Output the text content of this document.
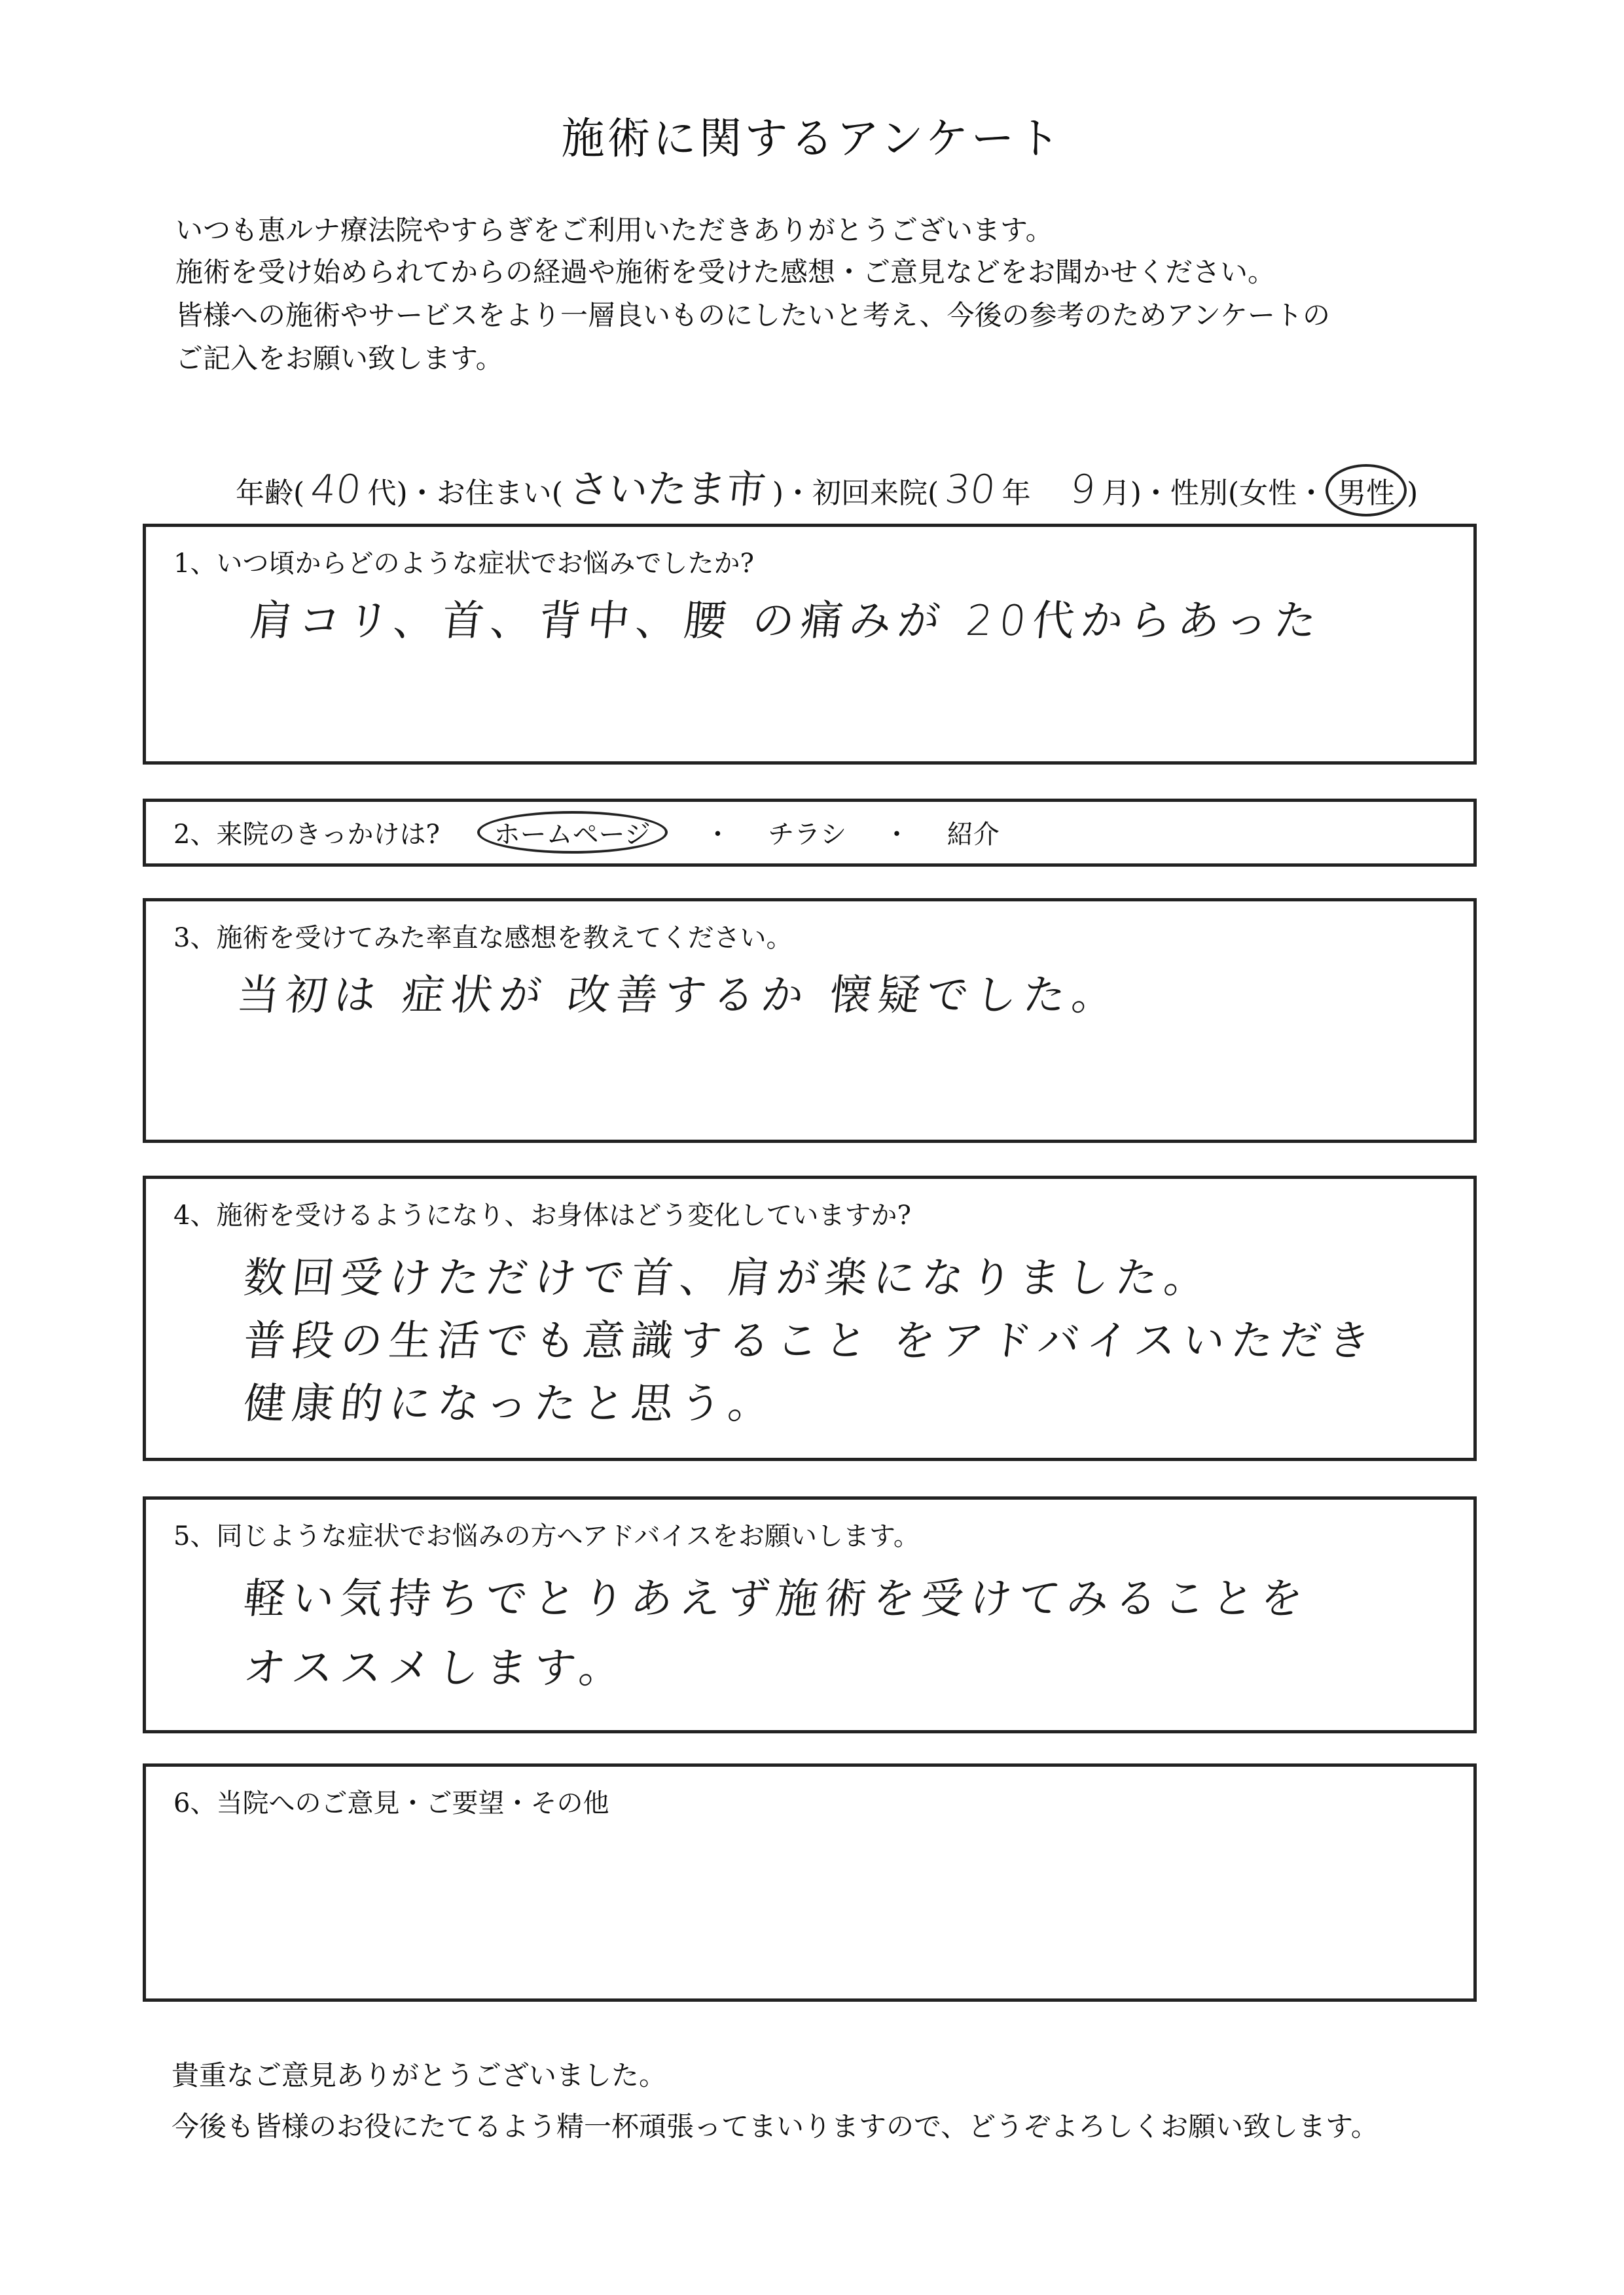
施術に関するアンケート
いつも恵ルナ療法院やすらぎをご利用いただきありがとうございます。
施術を受け始められてからの経過や施術を受けた感想・ご意見などをお聞かせください。
皆様への施術やサービスをより一層良いものにしたいと考え、今後の参考のためアンケートの
ご記入をお願い致します。
年齢( 40 代)・お住まい(さいたま市 )・初回来院( 30 年 9 月)・性別(女性・ 男性 )
1、いつ頃からどのような症状でお悩みでしたか?
肩コリ、首、背中、腰 の痛みが 20代からあった
2、来院のきっかけは? ホームページ ・ チラシ ・ 紹介
3、施術を受けてみた率直な感想を教えてください。
当初は 症状が 改善するか 懐疑でした。
4、施術を受けるようになり、お身体はどう変化していますか?
数回受けただけで首、肩が楽になりました。
普段の生活でも意識すること をアドバイスいただき
健康的になったと思う。
5、同じような症状でお悩みの方へアドバイスをお願いします。
軽い気持ちでとりあえず施術を受けてみることを
オススメします。
6、当院へのご意見・ご要望・その他
貴重なご意見ありがとうございました。
今後も皆様のお役にたてるよう精一杯頑張ってまいりますので、どうぞよろしくお願い致します。
